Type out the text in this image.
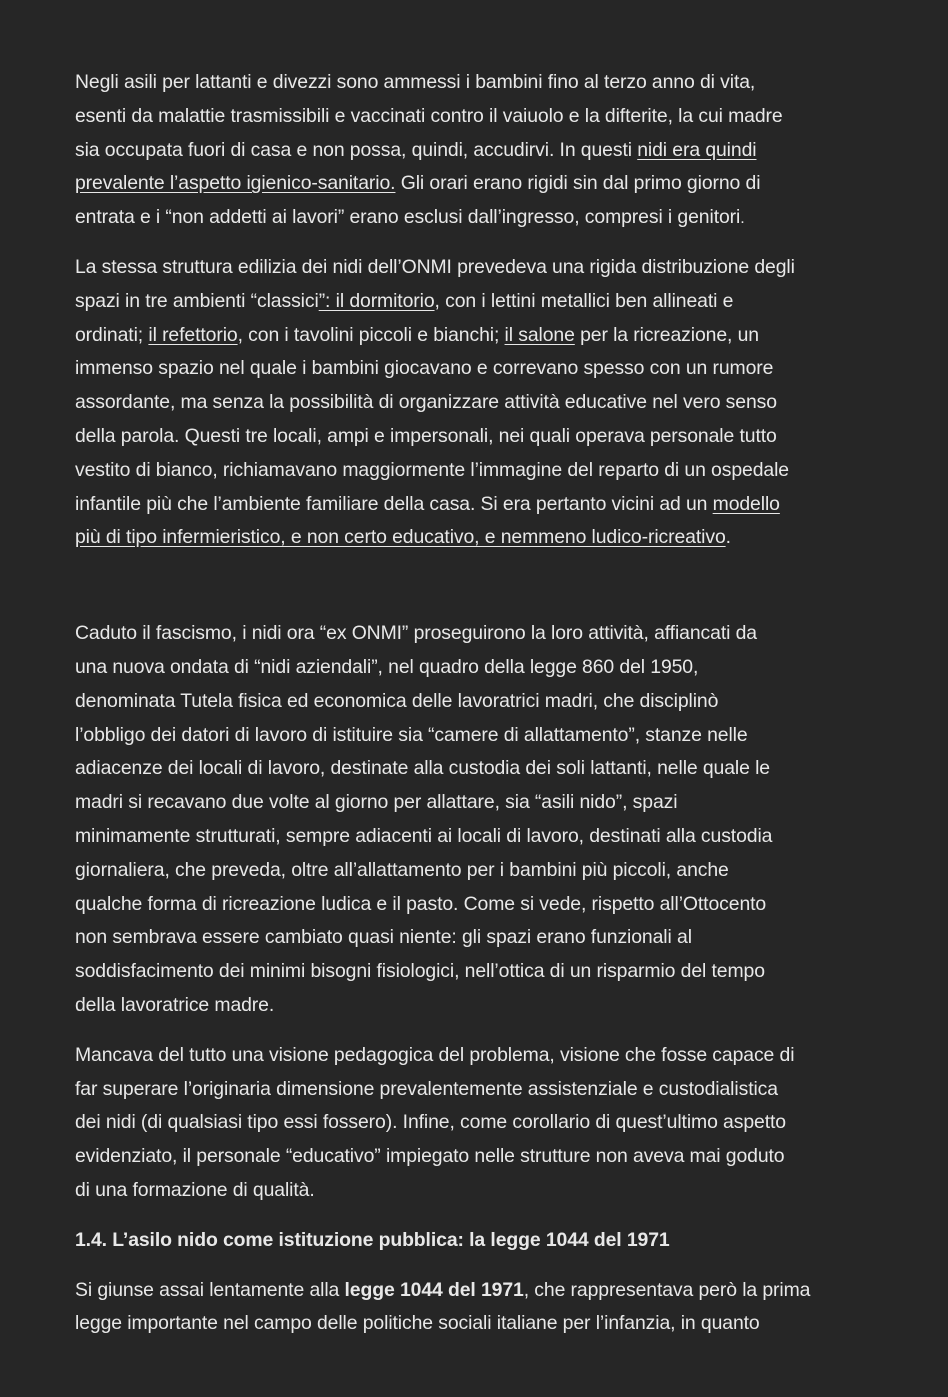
Negli asili per lattanti e divezzi sono ammessi i bambini fino al terzo anno di vita,
esenti da malattie trasmissibili e vaccinati contro il vaiuolo e la difterite, la cui madre
sia occupata fuori di casa e non possa, quindi, accudirvi. In questi nidi era quindi
prevalente l’aspetto igienico-sanitario. Gli orari erano rigidi sin dal primo giorno di
entrata e i “non addetti ai lavori” erano esclusi dall’ingresso, compresi i genitori.
La stessa struttura edilizia dei nidi dell’ONMI prevedeva una rigida distribuzione degli
spazi in tre ambienti “classici”: il dormitorio, con i lettini metallici ben allineati e
ordinati; il refettorio, con i tavolini piccoli e bianchi; il salone per la ricreazione, un
immenso spazio nel quale i bambini giocavano e correvano spesso con un rumore
assordante, ma senza la possibilità di organizzare attività educative nel vero senso
della parola. Questi tre locali, ampi e impersonali, nei quali operava personale tutto
vestito di bianco, richiamavano maggiormente l’immagine del reparto di un ospedale
infantile più che l’ambiente familiare della casa. Si era pertanto vicini ad un modello
più di tipo infermieristico, e non certo educativo, e nemmeno ludico-ricreativo.
Caduto il fascismo, i nidi ora “ex ONMI” proseguirono la loro attività, affiancati da
una nuova ondata di “nidi aziendali”, nel quadro della legge 860 del 1950,
denominata Tutela fisica ed economica delle lavoratrici madri, che disciplinò
l’obbligo dei datori di lavoro di istituire sia “camere di allattamento”, stanze nelle
adiacenze dei locali di lavoro, destinate alla custodia dei soli lattanti, nelle quale le
madri si recavano due volte al giorno per allattare, sia “asili nido”, spazi
minimamente strutturati, sempre adiacenti ai locali di lavoro, destinati alla custodia
giornaliera, che preveda, oltre all’allattamento per i bambini più piccoli, anche
qualche forma di ricreazione ludica e il pasto. Come si vede, rispetto all’Ottocento
non sembrava essere cambiato quasi niente: gli spazi erano funzionali al
soddisfacimento dei minimi bisogni fisiologici, nell’ottica di un risparmio del tempo
della lavoratrice madre.
Mancava del tutto una visione pedagogica del problema, visione che fosse capace di
far superare l’originaria dimensione prevalentemente assistenziale e custodialistica
dei nidi (di qualsiasi tipo essi fossero). Infine, come corollario di quest’ultimo aspetto
evidenziato, il personale “educativo” impiegato nelle strutture non aveva mai goduto
di una formazione di qualità.
1.4. L’asilo nido come istituzione pubblica: la legge 1044 del 1971
Si giunse assai lentamente alla legge 1044 del 1971, che rappresentava però la prima
legge importante nel campo delle politiche sociali italiane per l’infanzia, in quanto
